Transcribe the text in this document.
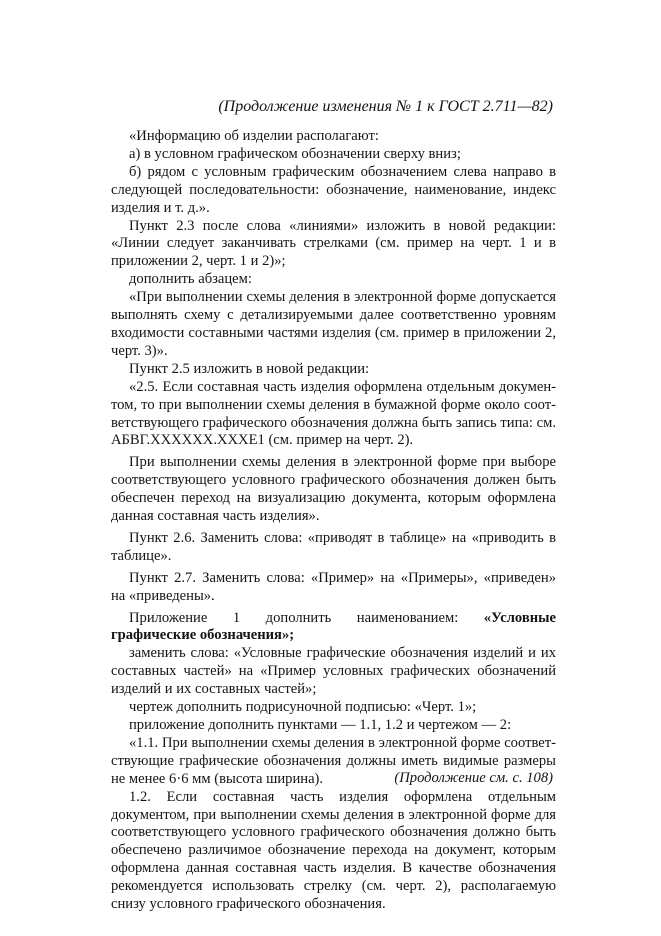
(Продолжение изменения № 1 к ГОСТ 2.711—82)

«Информацию об изделии располагают:

а) в условном графическом обозначении сверху вниз;

б) рядом с условным графическим обозначением слева направо в следующей последовательности: обозначение, наименование, индекс изделия и т. д.».

Пункт 2.3 после слова «линиями» изложить в новой редакции: «Линии следует заканчивать стрелками (см. пример на черт. 1 и в приложении 2, черт. 1 и 2)»;

дополнить абзацем:

«При выполнении схемы деления в электронной форме допускается выполнять схему с детализируемыми далее соответственно уровням входимости составными частями изделия (см. пример в приложении 2, черт. 3)».

Пункт 2.5 изложить в новой редакции:

«2.5. Если составная часть изделия оформлена отдельным документом, то при выполнении схемы деления в бумажной форме около соответствующего графического обозначения должна быть запись типа: см. АБВГ.XXXXXX.XXXE1 (см. пример на черт. 2).

При выполнении схемы деления в электронной форме при выборе соответствующего условного графического обозначения должен быть обеспечен переход на визуализацию документа, которым оформлена данная составная часть изделия».

Пункт 2.6. Заменить слова: «приводят в таблице» на «приводить в таблице».

Пункт 2.7. Заменить слова: «Пример» на «Примеры», «приведен» на «приведены».

Приложение 1 дополнить наименованием: «Условные графические обозначения»;

заменить слова: «Условные графические обозначения изделий и их составных частей» на «Пример условных графических обозначений изделий и их составных частей»;

чертеж дополнить подрисуночной подписью: «Черт. 1»;

приложение дополнить пунктами — 1.1, 1.2 и чертежом — 2:

«1.1. При выполнении схемы деления в электронной форме соответствующие графические обозначения должны иметь видимые размеры не менее 6·6 мм (высота ширина).

1.2. Если составная часть изделия оформлена отдельным документом, при выполнении схемы деления в электронной форме для соответствующего условного графического обозначения должно быть обеспечено различимое обозначение перехода на документ, которым оформлена данная составная часть изделия. В качестве обозначения рекомендуется использовать стрелку (см. черт. 2), располагаемую снизу условного графического обозначения.

(Продолжение см. с. 108)
